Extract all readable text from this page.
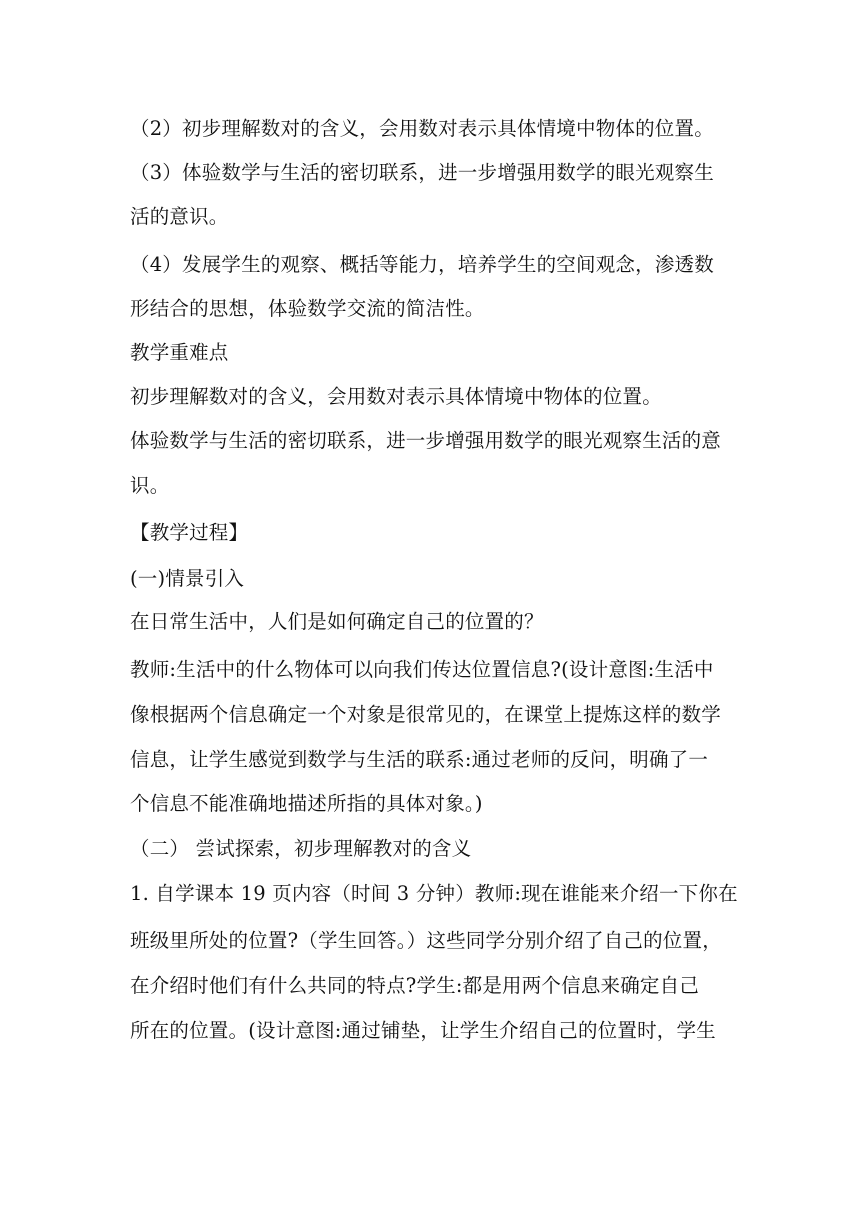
（2）初步理解数对的含义，会用数对表示具体情境中物体的位置。
（3）体验数学与生活的密切联系，进一步增强用数学的眼光观察生
活的意识。
（4）发展学生的观察、概括等能力，培养学生的空间观念，渗透数
形结合的思想，体验数学交流的简洁性。
教学重难点
初步理解数对的含义，会用数对表示具体情境中物体的位置。
体验数学与生活的密切联系，进一步增强用数学的眼光观察生活的意
识。
【教学过程】
(一)情景引入
在日常生活中，人们是如何确定自己的位置的？
教师:生活中的什么物体可以向我们传达位置信息?(设计意图:生活中
像根据两个信息确定一个对象是很常见的，在课堂上提炼这样的数学
信息，让学生感觉到数学与生活的联系:通过老师的反问，明确了一
个信息不能准确地描述所指的具体对象。)
（二） 尝试探索，初步理解教对的含义
1. 自学课本 19 页内容（时间 3 分钟）教师:现在谁能来介绍一下你在
班级里所处的位置?（学生回答。）这些同学分别介绍了自己的位置，
在介绍时他们有什么共同的特点?学生:都是用两个信息来确定自己
所在的位置。(设计意图:通过铺垫，让学生介绍自己的位置时，学生
